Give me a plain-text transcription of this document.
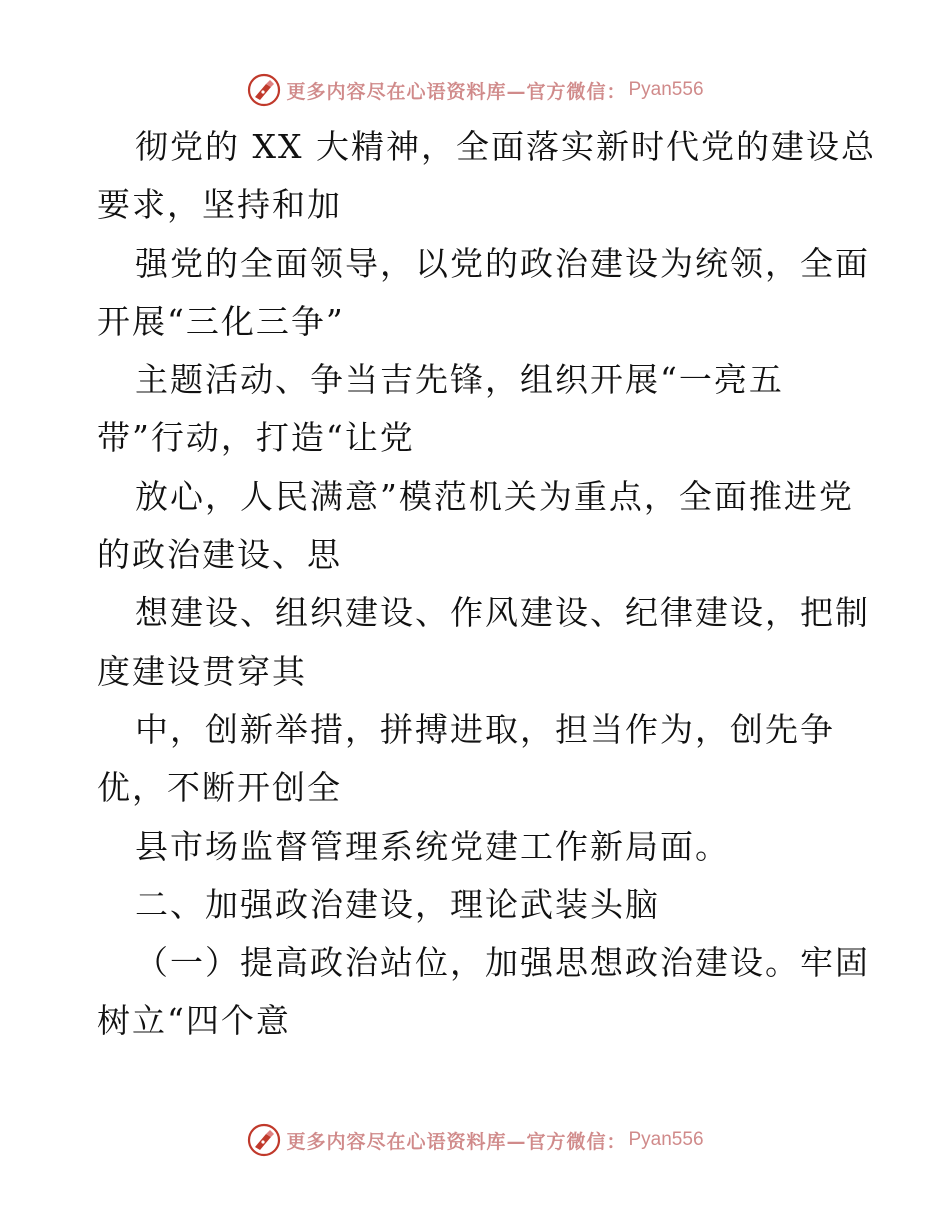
更多内容尽在心语资料库—官方微信： Pyan556
彻党的 XX 大精神，全面落实新时代党的建设总
要求，坚持和加
强党的全面领导，以党的政治建设为统领，全面
开展“三化三争”
主题活动、争当吉先锋，组织开展“一亮五
带”行动，打造“让党
放心，人民满意”模范机关为重点，全面推进党
的政治建设、思
想建设、组织建设、作风建设、纪律建设，把制
度建设贯穿其
中，创新举措，拼搏进取，担当作为，创先争
优，不断开创全
县市场监督管理系统党建工作新局面。
二、加强政治建设，理论武装头脑
（一）提高政治站位，加强思想政治建设。牢固
树立“四个意
更多内容尽在心语资料库—官方微信： Pyan556
